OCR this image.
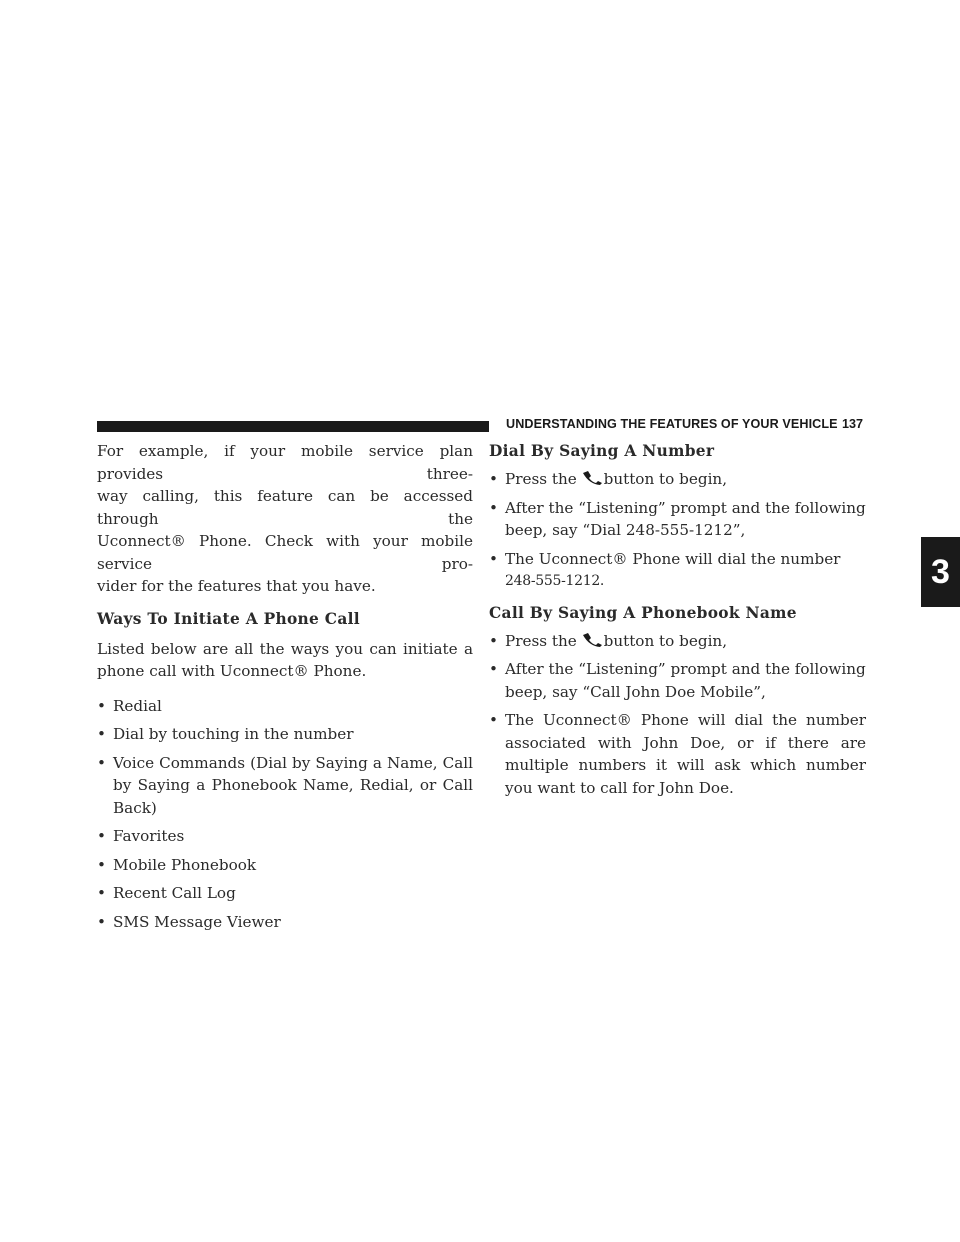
UNDERSTANDING THE FEATURES OF YOUR VEHICLE 137
3

For example, if your mobile service plan provides three-
way calling, this feature can be accessed through the
Uconnect® Phone. Check with your mobile service pro-
vider for the features that you have.

Ways To Initiate A Phone Call

Listed below are all the ways you can initiate a phone call with Uconnect® Phone.

• Redial
• Dial by touching in the number
• Voice Commands (Dial by Saying a Name, Call by Saying a Phonebook Name, Redial, or Call Back)
• Favorites
• Mobile Phonebook
• Recent Call Log
• SMS Message Viewer
Dial By Saying A Number
• Press the button to begin,
• After the “Listening” prompt and the following beep, say “Dial 248-555-1212”,
• The Uconnect® Phone will dial the number
248-555-1212.
Call By Saying A Phonebook Name
• Press the button to begin,
• After the “Listening” prompt and the following beep, say “Call John Doe Mobile”,
• The Uconnect® Phone will dial the number associated with John Doe, or if there are multiple numbers it will ask which number you want to call for John Doe.
